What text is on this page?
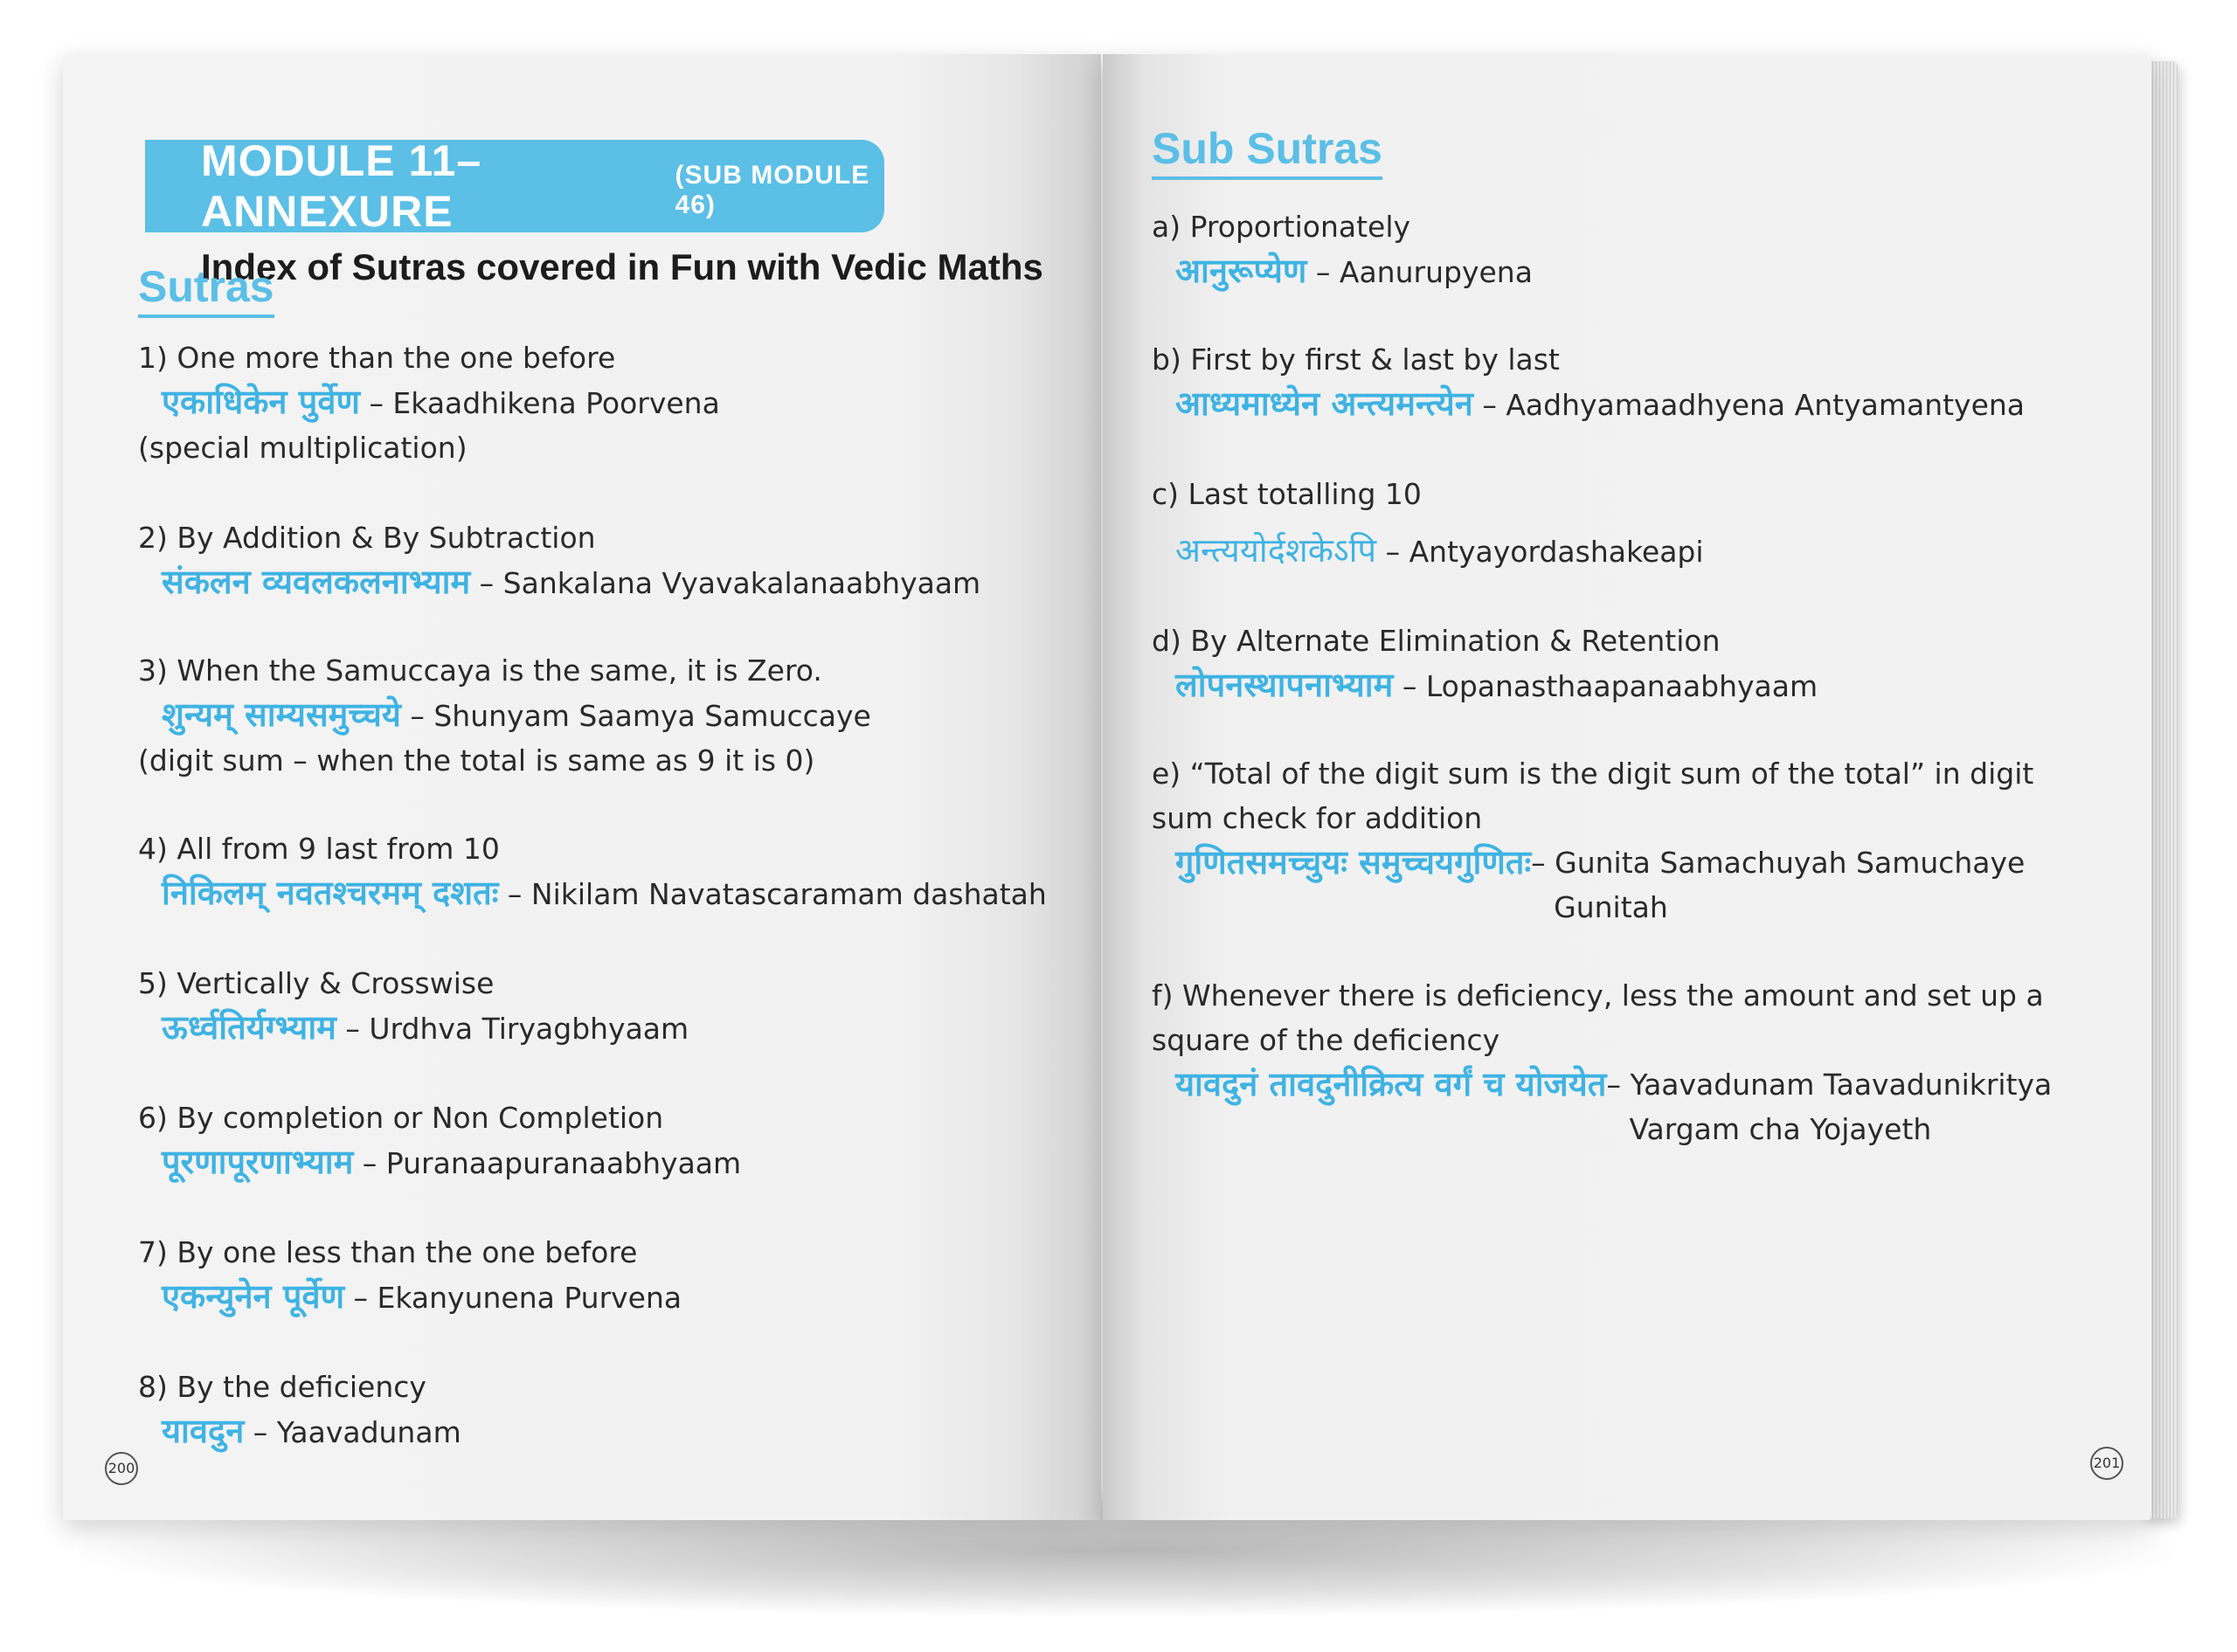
MODULE 11–ANNEXURE
(SUB MODULE 46)
Index of Sutras covered in Fun with Vedic Maths
Sutras
1) One more than the one before
एकाधिकेन पुर्वेण – Ekaadhikena Poorvena
(special multiplication)
2) By Addition & By Subtraction
संकलन व्यवलकलनाभ्याम – Sankalana Vyavakalanaabhyaam
3) When the Samuccaya is the same, it is Zero.
शुन्यम् साम्यसमुच्चये – Shunyam Saamya Samuccaye
(digit sum – when the total is same as 9 it is 0)
4) All from 9 last from 10
निकिलम् नवतश्चरमम् दशतः – Nikilam Navatascaramam dashatah
5) Vertically & Crosswise
ऊर्ध्वतिर्यग्भ्याम – Urdhva Tiryagbhyaam
6) By completion or Non Completion
पूरणापूरणाभ्याम – Puranaapuranaabhyaam
7) By one less than the one before
एकन्युनेन पूर्वेण – Ekanyunena Purvena
8) By the deficiency
यावदुन – Yaavadunam
200
Sub Sutras
a) Proportionately
आनुरूप्येण – Aanurupyena
b) First by first & last by last
आध्यमाध्येन अन्त्यमन्त्येन – Aadhyamaadhyena Antyamantyena
c) Last totalling 10
अन्त्ययोर्दशकेऽपि – Antyayordashakeapi
d) By Alternate Elimination & Retention
लोपनस्थापनाभ्याम – Lopanasthaapanaabhyaam
e) “Total of the digit sum is the digit sum of the total” in digit sum check for addition
गुणितसमच्चुयः समुच्चयगुणितः– Gunita Samachuyah Samuchaye
Gunitah
f) Whenever there is deficiency, less the amount and set up a square of the deficiency
यावदुनं तावदुनीक्रित्य वर्गं च योजयेत– Yaavadunam Taavadunikritya
Vargam cha Yojayeth
201
